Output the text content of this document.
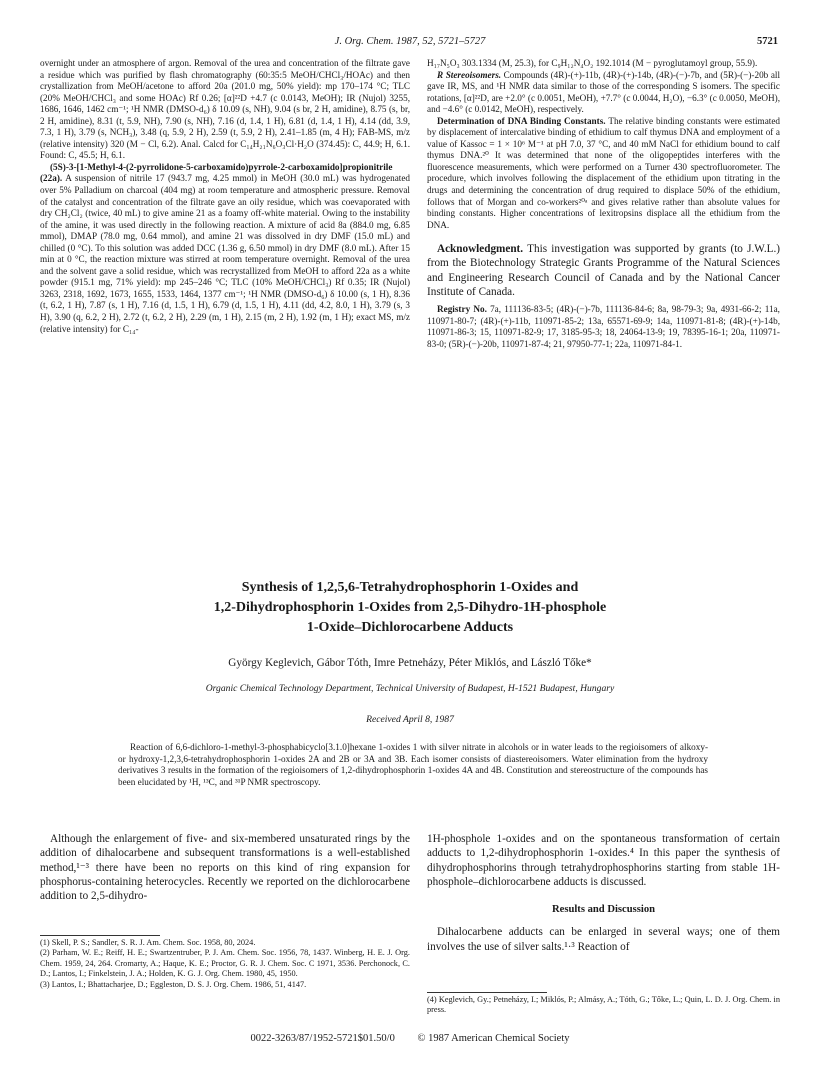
J. Org. Chem. 1987, 52, 5721–5727	5721

overnight under an atmosphere of argon. Removal of the urea and concentration of the filtrate gave a residue which was purified by flash chromatography (60:35:5 MeOH/CHCl₃/HOAc) and then crystallization from MeOH/acetone to afford 20a (201.0 mg, 50% yield): mp 170–174 °C; TLC (20% MeOH/CHCl₃ and some HOAc) Rf 0.26; [α]²²D +4.7 (c 0.0143, MeOH); IR (Nujol) 3255, 1686, 1646, 1462 cm⁻¹; ¹H NMR (DMSO-d₆) δ 10.09 (s, NH), 9.04 (s br, 2 H, amidine), 8.75 (s, br, 2 H, amidine), 8.31 (t, 5.9, NH), 7.90 (s, NH), 7.16 (d, 1.4, 1 H), 6.81 (d, 1.4, 1 H), 4.14 (dd, 3.9, 7.3, 1 H), 3.79 (s, NCH₃), 3.48 (q, 5.9, 2 H), 2.59 (t, 5.9, 2 H), 2.41–1.85 (m, 4 H); FAB-MS, m/z (relative intensity) 320 (M − Cl, 6.2). Anal. Calcd for C₁₄H₂₁N₆O₃Cl·H₂O (374.45): C, 44.9; H, 6.1. Found: C, 45.5; H, 6.1.

(5S)-3-[1-Methyl-4-(2-pyrrolidone-5-carboxamido)pyrrole-2-carboxamido]propionitrile (22a). A suspension of nitrile 17 (943.7 mg, 4.25 mmol) in MeOH (30.0 mL) was hydrogenated over 5% Palladium on charcoal (404 mg) at room temperature and atmospheric pressure. Removal of the catalyst and concentration of the filtrate gave an oily residue, which was coevaporated with dry CH₂Cl₂ (twice, 40 mL) to give amine 21 as a foamy off-white material. Owing to the instability of the amine, it was used directly in the following reaction. A mixture of acid 8a (884.0 mg, 6.85 mmol), DMAP (78.0 mg, 0.64 mmol), and amine 21 was dissolved in dry DMF (15.0 mL) and chilled (0 °C). To this solution was added DCC (1.36 g, 6.50 mmol) in dry DMF (8.0 mL). After 15 min at 0 °C, the reaction mixture was stirred at room temperature overnight. Removal of the urea and the solvent gave a solid residue, which was recrystallized from MeOH to afford 22a as a white powder (915.1 mg, 71% yield): mp 245–246 °C; TLC (10% MeOH/CHCl₃) Rf 0.35; IR (Nujol) 3263, 2318, 1692, 1673, 1655, 1533, 1464, 1377 cm⁻¹; ¹H NMR (DMSO-d₆) δ 10.00 (s, 1 H), 8.36 (t, 6.2, 1 H), 7.87 (s, 1 H), 7.16 (d, 1.5, 1 H), 6.79 (d, 1.5, 1 H), 4.11 (dd, 4.2, 8.0, 1 H), 3.79 (s, 3 H), 3.90 (q, 6.2, 2 H), 2.72 (t, 6.2, 2 H), 2.29 (m, 1 H), 2.15 (m, 2 H), 1.92 (m, 1 H); exact MS, m/z (relative intensity) for C₁₄-

H₁₇N₅O₃ 303.1334 (M, 25.3), for C₉H₁₂N₄O₂ 192.1014 (M − pyroglutamoyl group, 55.9).

R Stereoisomers. Compounds (4R)-(+)-11b, (4R)-(+)-14b, (4R)-(−)-7b, and (5R)-(−)-20b all gave IR, MS, and ¹H NMR data similar to those of the corresponding S isomers. The specific rotations, [α]²²D, are +2.0° (c 0.0051, MeOH), +7.7° (c 0.0044, H₂O), −6.3° (c 0.0050, MeOH), and −4.6° (c 0.0142, MeOH), respectively.

Determination of DNA Binding Constants. The relative binding constants were estimated by displacement of intercalative binding of ethidium to calf thymus DNA and employment of a value of Kassoc = 1 × 10⁶ M⁻¹ at pH 7.0, 37 °C, and 40 mM NaCl for ethidium bound to calf thymus DNA.²⁰ It was determined that none of the oligopeptides interferes with the fluorescence measurements, which were performed on a Turner 430 spectrofluorometer. The procedure, which involves following the displacement of the ethidium upon titrating in the drugs and determining the concentration of drug required to displace 50% of the ethidium, follows that of Morgan and co-workers²⁰ᵃ and gives relative rather than absolute values for binding constants. Higher concentrations of lexitropsins displace all the ethidium from the DNA.

Acknowledgment. This investigation was supported by grants (to J.W.L.) from the Biotechnology Strategic Grants Programme of the Natural Sciences and Engineering Research Council of Canada and by the National Cancer Institute of Canada.

Registry No. 7a, 111136-83-5; (4R)-(−)-7b, 111136-84-6; 8a, 98-79-3; 9a, 4931-66-2; 11a, 110971-80-7; (4R)-(+)-11b, 110971-85-2; 13a, 65571-69-9; 14a, 110971-81-8; (4R)-(+)-14b, 110971-86-3; 15, 110971-82-9; 17, 3185-95-3; 18, 24064-13-9; 19, 78395-16-1; 20a, 110971-83-0; (5R)-(−)-20b, 110971-87-4; 21, 97950-77-1; 22a, 110971-84-1.

Synthesis of 1,2,5,6-Tetrahydrophosphorin 1-Oxides and
1,2-Dihydrophosphorin 1-Oxides from 2,5-Dihydro-1H-phosphole
1-Oxide–Dichlorocarbene Adducts
György Keglevich, Gábor Tóth, Imre Petneházy, Péter Miklós, and László Tőke*
Organic Chemical Technology Department, Technical University of Budapest, H-1521 Budapest, Hungary
Received April 8, 1987
Reaction of 6,6-dichloro-1-methyl-3-phosphabicyclo[3.1.0]hexane 1-oxides 1 with silver nitrate in alcohols or in water leads to the regioisomers of alkoxy- or hydroxy-1,2,3,6-tetrahydrophosphorin 1-oxides 2A and 2B or 3A and 3B. Each isomer consists of diastereoisomers. Water elimination from the hydroxy derivatives 3 results in the formation of the regioisomers of 1,2-dihydrophosphorin 1-oxides 4A and 4B. Constitution and stereostructure of the compounds has been elucidated by ¹H, ¹³C, and ³¹P NMR spectroscopy.

Although the enlargement of five- and six-membered unsaturated rings by the addition of dihalocarbene and subsequent transformations is a well-established method,¹⁻³ there have been no reports on this kind of ring expansion for phosphorus-containing heterocycles. Recently we reported on the dichlorocarbene addition to 2,5-dihydro-

1H-phosphole 1-oxides and on the spontaneous transformation of certain adducts to 1,2-dihydrophosphorin 1-oxides.⁴ In this paper the synthesis of dihydrophosphorins through tetrahydrophosphorins starting from stable 1H-phosphole–dichlorocarbene adducts is discussed.

Results and Discussion

Dihalocarbene adducts can be enlarged in several ways; one of them involves the use of silver salts.¹·³ Reaction of

(1) Skell, P. S.; Sandler, S. R. J. Am. Chem. Soc. 1958, 80, 2024.

(2) Parham, W. E.; Reiff, H. E.; Swartzentruber, P. J. Am. Chem. Soc. 1956, 78, 1437. Winberg, H. E. J. Org. Chem. 1959, 24, 264. Cromarty, A.; Haque, K. E.; Proctor, G. R. J. Chem. Soc. C 1971, 3536. Perchonock, C. D.; Lantos, I.; Finkelstein, J. A.; Holden, K. G. J. Org. Chem. 1980, 45, 1950.

(3) Lantos, I.; Bhattacharjee, D.; Eggleston, D. S. J. Org. Chem. 1986, 51, 4147.

(4) Keglevich, Gy.; Petneházy, I.; Miklós, P.; Almásy, A.; Tóth, G.; Tőke, L.; Quin, L. D. J. Org. Chem. in press.

0022-3263/87/1952-5721$01.50/0 © 1987 American Chemical Society
